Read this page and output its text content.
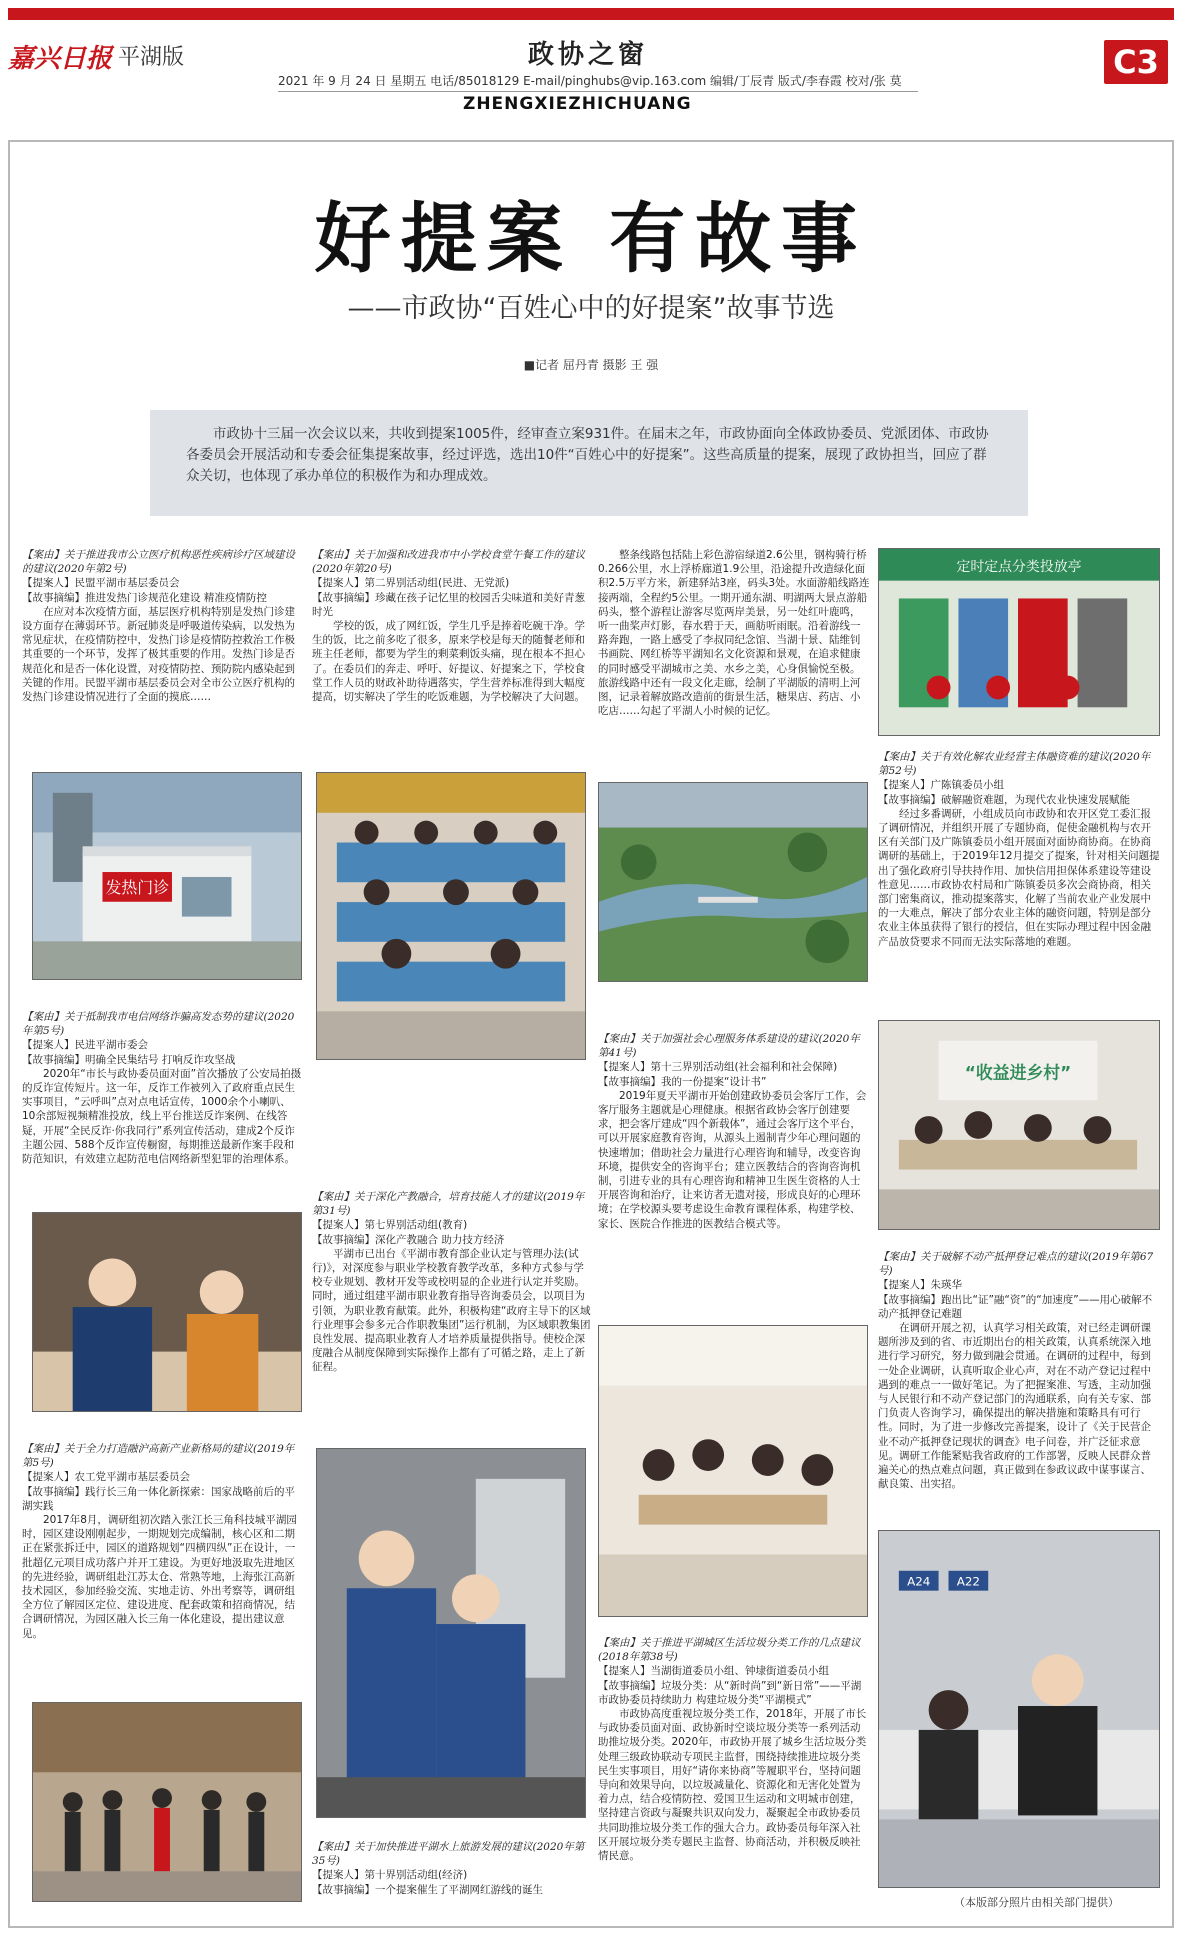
嘉兴日报 平湖版	政协之窗
2021 年 9 月 24 日 星期五 电话/85018129 E-mail/pinghubs@vip.163.com 编辑/丁辰青 版式/李春霞 校对/张 莫
ZHENGXIEZHICHUANG
C3
好提案 有故事
——市政协“百姓心中的好提案”故事节选
■记者 屈丹青 摄影 王 强
市政协十三届一次会议以来，共收到提案1005件，经审查立案931件。在届末之年，市政协面向全体政协委员、党派团体、市政协各委员会开展活动和专委会征集提案故事，经过评选，选出10件“百姓心中的好提案”。这些高质量的提案，展现了政协担当，回应了群众关切，也体现了承办单位的积极作为和办理成效。
【案由】关于推进我市公立医疗机构恶性疾病诊疗区域建设的建议(2020年第2号)
【提案人】民盟平湖市基层委员会
【故事摘编】推进发热门诊规范化建设 精准疫情防控
在应对本次疫情方面，基层医疗机构特别是发热门诊建设方面存在薄弱环节。新冠肺炎是呼吸道传染病，以发热为常见症状，在疫情防控中，发热门诊是疫情防控救治工作极其重要的一个环节，发挥了极其重要的作用。发热门诊是否规范化和是否一体化设置，对疫情防控、预防院内感染起到关键的作用。民盟平湖市基层委员会对全市公立医疗机构的发热门诊建设情况进行了全面的摸底……
【案由】关于加强和改进我市中小学校食堂午餐工作的建议(2020年第20号)
【提案人】第二界别活动组(民进、无党派)
【故事摘编】珍藏在孩子记忆里的校园舌尖味道和美好青葱时光
学校的饭，成了网红饭，学生几乎是捧着吃碗干净。学生的饭，比之前多吃了很多，原来学校是每天的随餐老师和班主任老师，都要为学生的剩菜剩饭头痛，现在根本不担心了。在委员们的奔走、呼吁、好提议、好提案之下，学校食堂工作人员的财政补助待遇落实，学生营养标准得到大幅度提高，切实解决了学生的吃饭难题，为学校解决了大问题。
整条线路包括陆上彩色游宿绿道2.6公里，钢构骑行桥0.266公里，水上浮桥廊道1.9公里，沿途提升改造绿化面积2.5万平方米，新建驿站3座，码头3处。水面游船线路连接两端，全程约5公里。一期开通东湖、明湖两大景点游船码头，整个游程让游客尽览两岸美景，另一处红叶鹿鸣，听一曲桨声灯影，春水碧于天，画舫听雨眠。沿着游线一路奔跑，一路上感受了李叔同纪念馆、当湖十景、陆维钊书画院、网红桥等平湖知名文化资源和景观，在追求健康的同时感受平湖城市之美、水乡之美，心身俱愉悦至极。旅游线路中还有一段文化走廊，绘制了平湖版的清明上河图，记录着解放路改造前的街景生活，糖果店、药店、小吃店……勾起了平湖人小时候的记忆。
【案由】关于有效化解农业经营主体融资难的建议(2020年第52号)
【提案人】广陈镇委员小组
【故事摘编】破解融资难题，为现代农业快速发展赋能
经过多番调研，小组成员向市政协和农开区党工委汇报了调研情况，并组织开展了专题协商，促使金融机构与农开区有关部门及广陈镇委员小组开展面对面协商协商。在协商调研的基础上，于2019年12月提交了提案，针对相关问题提出了强化政府引导扶持作用、加快信用担保体系建设等建设性意见……市政协农村局和广陈镇委员多次会商协商，相关部门密集商议，推动提案落实，化解了当前农业产业发展中的一大难点，解决了部分农业主体的融资问题，特别是部分农业主体虽获得了银行的授信，但在实际办理过程中因金融产品放贷要求不同而无法实际落地的难题。
【案由】关于推进平湖城区生活垃圾分类工作的几点建议(2018年第38号)
【提案人】当湖街道委员小组、钟埭街道委员小组
【故事摘编】垃圾分类：从“新时尚”到“新日常”——平湖市政协委员持续助力 构建垃圾分类“平湖模式”
市政协高度重视垃圾分类工作，2018年，开展了市长与政协委员面对面、政协新时空谈垃圾分类等一系列活动助推垃圾分类。2020年，市政协开展了城乡生活垃圾分类处理三级政协联动专项民主监督，围绕持续推进垃圾分类民生实事项目，用好“请你来协商”等履职平台，坚持问题导向和效果导向，以垃圾减量化、资源化和无害化处置为着力点，结合疫情防控、爱国卫生运动和文明城市创建，坚持建言资政与凝聚共识双向发力，凝聚起全市政协委员共同助推垃圾分类工作的强大合力。政协委员每年深入社区开展垃圾分类专题民主监督、协商活动，并积极反映社情民意。
【案由】关于抵制我市电信网络诈骗高发态势的建议(2020年第5号)
【提案人】民进平湖市委会
【故事摘编】明确全民集结号 打响反诈攻坚战
2020年“市长与政协委员面对面”首次播放了公安局拍摄的反诈宣传短片。这一年，反诈工作被列入了政府重点民生实事项目，“云呼叫”点对点电话宣传，1000余个小喇叭、10余部短视频精准投放，线上平台推送反诈案例、在线答疑，开展“全民反诈·你我同行”系列宣传活动，建成2个反诈主题公园、588个反诈宣传橱窗，每期推送最新作案手段和防范知识，有效建立起防范电信网络新型犯罪的治理体系。
【案由】关于深化产教融合，培育技能人才的建议(2019年第31号)
【提案人】第七界别活动组(教育)
【故事摘编】深化产教融合 助力技方经济
平湖市已出台《平湖市教育部企业认定与管理办法(试行)》，对深度参与职业学校教育教学改革，多种方式参与学校专业规划、教材开发等或校明显的企业进行认定并奖励。同时，通过组建平湖市职业教育指导咨询委员会，以项目为引领，为职业教育献策。此外，积极构建“政府主导下的区域行业理事会参多元合作职教集团”运行机制，为区域职教集团良性发展、提高职业教育人才培养质量提供指导。使校企深度融合从制度保障到实际操作上都有了可循之路，走上了新征程。
【案由】关于加强社会心理服务体系建设的建议(2020年第41号)
【提案人】第十三界别活动组(社会福利和社会保障)
【故事摘编】我的一份提案“设计书”
2019年夏天平湖市开始创建政协委员会客厅工作，会客厅服务主题就是心理健康。根据省政协会客厅创建要求，把会客厅建成“四个新载体”，通过会客厅这个平台，可以开展家庭教育咨询，从源头上遏制青少年心理问题的快速增加；借助社会力量进行心理咨询和辅导，改变咨询环境，提供安全的咨询平台；建立医教结合的咨询咨询机制，引进专业的具有心理咨询和精神卫生医生资格的人士开展咨询和治疗，让来访者无遗对接，形成良好的心理环境；在学校源头要考虑设生命教育课程体系，构建学校、家长、医院合作推进的医教结合模式等。
【案由】关于全力打造融沪高新产业新格局的建议(2019年第5号)
【提案人】农工党平湖市基层委员会
【故事摘编】践行长三角一体化新探索：国家战略前后的平湖实践
2017年8月，调研组初次踏入张江长三角科技城平湖园时，园区建设刚刚起步，一期规划完成编制，核心区和二期正在紧张拆迁中，园区的道路规划“四横四纵”正在设计，一批超亿元项目成功落户并开工建设。为更好地汲取先进地区的先进经验，调研组赴江苏太仓、常熟等地，上海张江高新技术园区，参加经验交流、实地走访、外出考察等，调研组全方位了解园区定位、建设进度、配套政策和招商情况，结合调研情况，为园区融入长三角一体化建设，提出建议意见。
【案由】关于加快推进平湖水上旅游发展的建议(2020年第35号)
【提案人】第十界别活动组(经济)
【故事摘编】一个提案催生了平湖网红游线的诞生
【案由】关于破解不动产抵押登记难点的建议(2019年第67号)
【提案人】朱瑛华
【故事摘编】跑出比“证”融“资”的“加速度”——用心破解不动产抵押登记难题
在调研开展之初，认真学习相关政策，对已经走调研课题所涉及到的省、市近期出台的相关政策，认真系统深入地进行学习研究，努力做到融会贯通。在调研的过程中，每到一处企业调研，认真听取企业心声，对在不动产登记过程中遇到的难点一一做好笔记。为了把握案准、写透，主动加强与人民银行和不动产登记部门的沟通联系，向有关专家、部门负责人咨询学习，确保提出的解决措施和策略具有可行性。同时，为了进一步修改完善提案，设计了《关于民营企业不动产抵押登记现状的调查》电子问卷，并广泛征求意见。调研工作能紧贴我省政府的工作部署，反映人民群众普遍关心的热点难点问题，真正做到在参政议政中谋事谋言、献良策、出实招。
发热门诊
定时定点分类投放亭
“收益进乡村”
A24 A22
（本版部分照片由相关部门提供）
